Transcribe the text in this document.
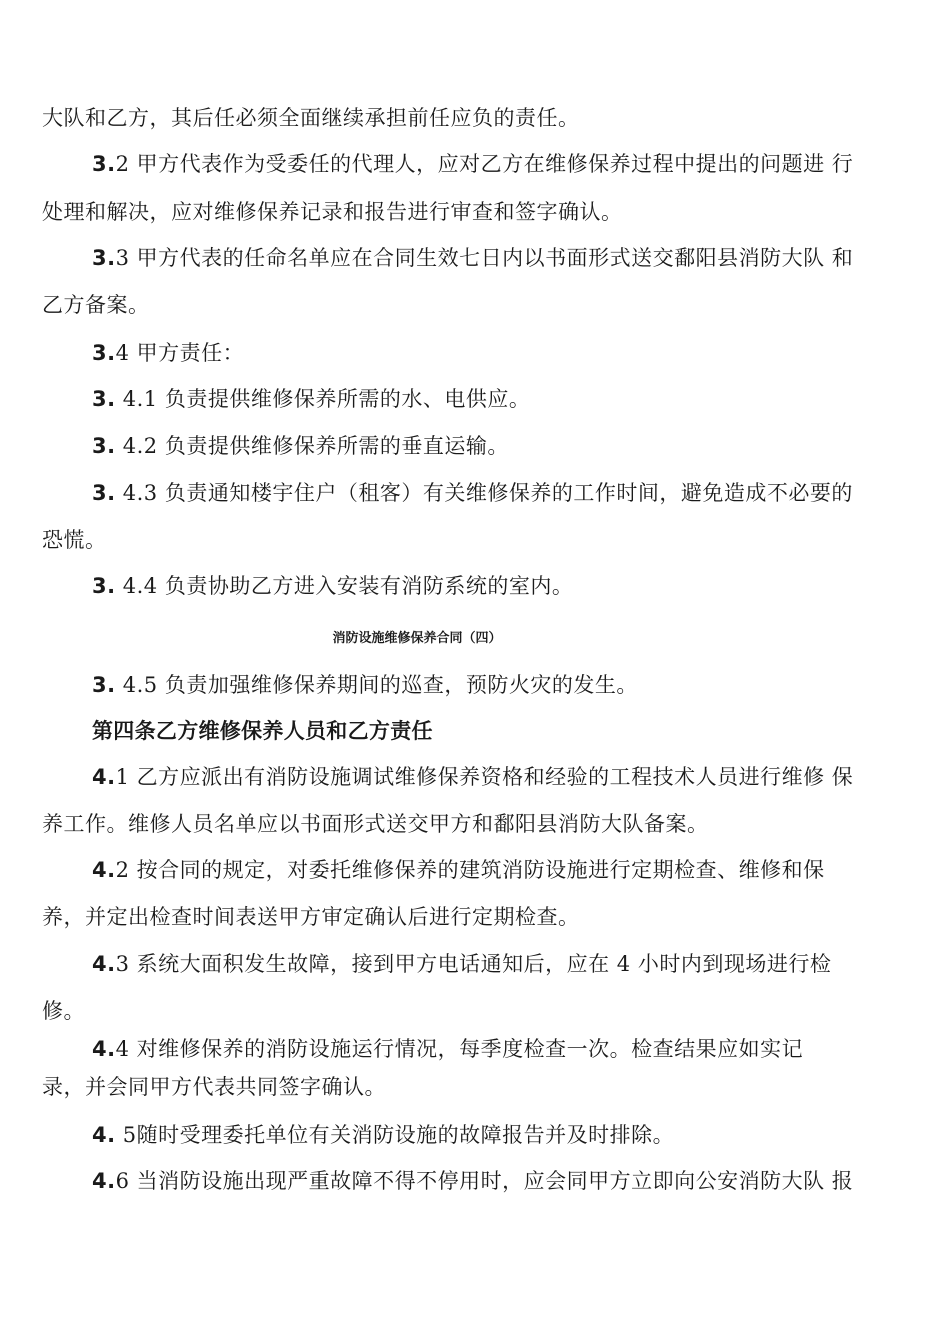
大队和乙方，其后任必须全面继续承担前任应负的责任。
3.2 甲方代表作为受委任的代理人，应对乙方在维修保养过程中提出的问题进 行
处理和解决，应对维修保养记录和报告进行审查和签字确认。
3.3 甲方代表的任命名单应在合同生效七日内以书面形式送交鄱阳县消防大队 和
乙方备案。
3.4 甲方责任：
3. 4.1 负责提供维修保养所需的水、电供应。
3. 4.2 负责提供维修保养所需的垂直运输。
3. 4.3 负责通知楼宇住户（租客）有关维修保养的工作时间，避免造成不必要的
恐慌。
3. 4.4 负责协助乙方进入安装有消防系统的室内。
消防设施维修保养合同（四）
3. 4.5 负责加强维修保养期间的巡查，预防火灾的发生。
第四条乙方维修保养人员和乙方责任
4.1 乙方应派出有消防设施调试维修保养资格和经验的工程技术人员进行维修 保
养工作。维修人员名单应以书面形式送交甲方和鄱阳县消防大队备案。
4.2 按合同的规定，对委托维修保养的建筑消防设施进行定期检查、维修和保
养，并定出检查时间表送甲方审定确认后进行定期检查。
4.3 系统大面积发生故障，接到甲方电话通知后，应在 4 小时内到现场进行检
修。
4.4 对维修保养的消防设施运行情况，每季度检查一次。检查结果应如实记
录，并会同甲方代表共同签字确认。
4. 5随时受理委托单位有关消防设施的故障报告并及时排除。
4.6 当消防设施出现严重故障不得不停用时，应会同甲方立即向公安消防大队 报
